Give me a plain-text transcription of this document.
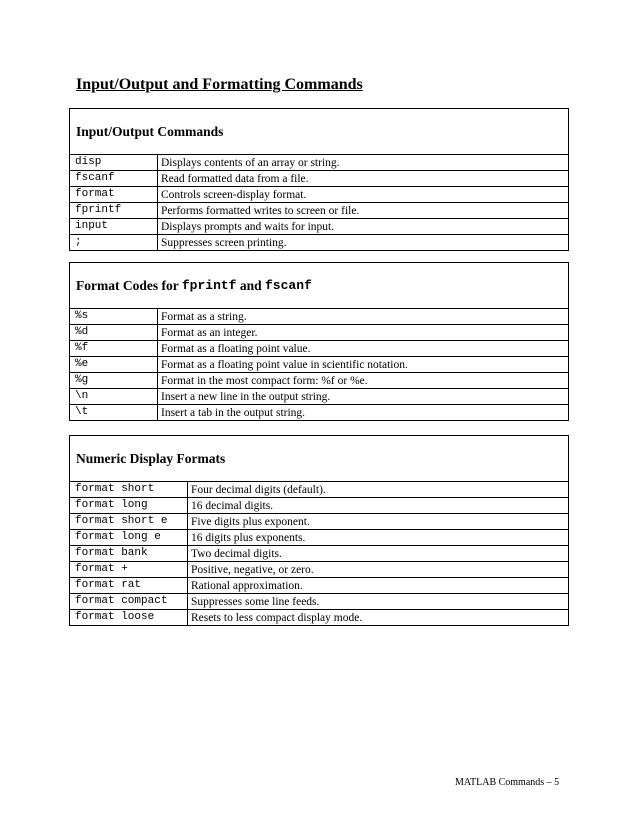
Input/Output and Formatting Commands
Input/Output Commands
disp	Displays contents of an array or string.
fscanf	Read formatted data from a file.
format	Controls screen-display format.
fprintf	Performs formatted writes to screen or file.
input	Displays prompts and waits for input.
;	Suppresses screen printing.
Format Codes for fprintf and fscanf
%s	Format as a string.
%d	Format as an integer.
%f	Format as a floating point value.
%e	Format as a floating point value in scientific notation.
%g	Format in the most compact form: %f or %e.
\n	Insert a new line in the output string.
\t	Insert a tab in the output string.
Numeric Display Formats
format short	Four decimal digits (default).
format long	16 decimal digits.
format short e	Five digits plus exponent.
format long e	16 digits plus exponents.
format bank	Two decimal digits.
format +	Positive, negative, or zero.
format rat	Rational approximation.
format compact	Suppresses some line feeds.
format loose	Resets to less compact display mode.
MATLAB Commands – 5
